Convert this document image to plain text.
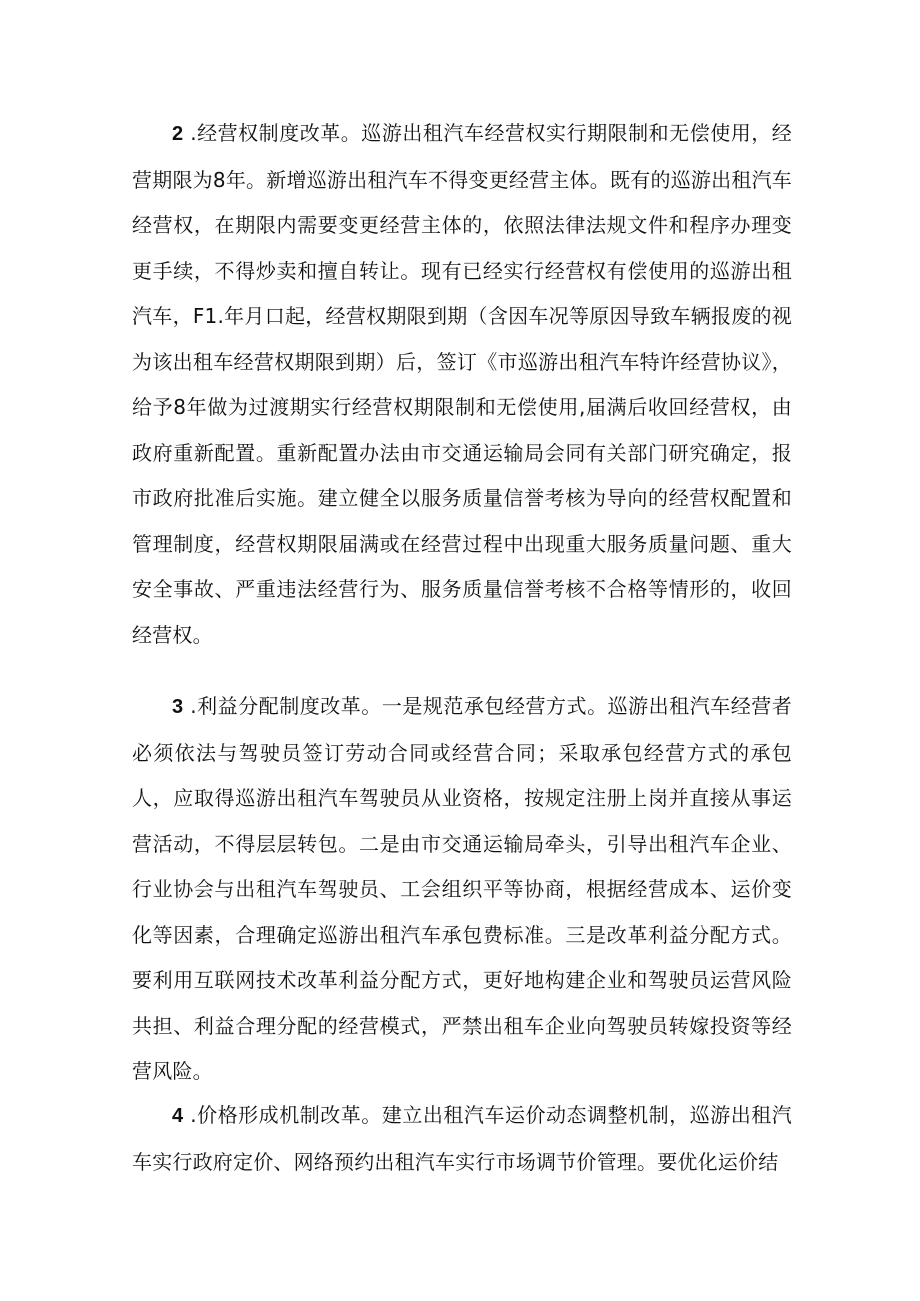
2 .经营权制度改革。巡游出租汽车经营权实行期限制和无偿使用，经营期限为8年。新增巡游出租汽车不得变更经营主体。既有的巡游出租汽车经营权，在期限内需要变更经营主体的，依照法律法规文件和程序办理变更手续，不得炒卖和擅自转让。现有已经实行经营权有偿使用的巡游出租汽车，F1.年月口起，经营权期限到期（含因车况等原因导致车辆报废的视为该出租车经营权期限到期）后，签订《市巡游出租汽车特许经营协议》，给予8年做为过渡期实行经营权期限制和无偿使用,届满后收回经营权，由政府重新配置。重新配置办法由市交通运输局会同有关部门研究确定，报市政府批准后实施。建立健全以服务质量信誉考核为导向的经营权配置和管理制度，经营权期限届满或在经营过程中出现重大服务质量问题、重大安全事故、严重违法经营行为、服务质量信誉考核不合格等情形的，收回经营权。

3 .利益分配制度改革。一是规范承包经营方式。巡游出租汽车经营者必须依法与驾驶员签订劳动合同或经营合同；采取承包经营方式的承包人，应取得巡游出租汽车驾驶员从业资格，按规定注册上岗并直接从事运营活动，不得层层转包。二是由市交通运输局牵头，引导出租汽车企业、行业协会与出租汽车驾驶员、工会组织平等协商，根据经营成本、运价变化等因素，合理确定巡游出租汽车承包费标准。三是改革利益分配方式。要利用互联网技术改革利益分配方式，更好地构建企业和驾驶员运营风险共担、利益合理分配的经营模式，严禁出租车企业向驾驶员转嫁投资等经营风险。

4 .价格形成机制改革。建立出租汽车运价动态调整机制，巡游出租汽车实行政府定价、网络预约出租汽车实行市场调节价管理。要优化运价结
